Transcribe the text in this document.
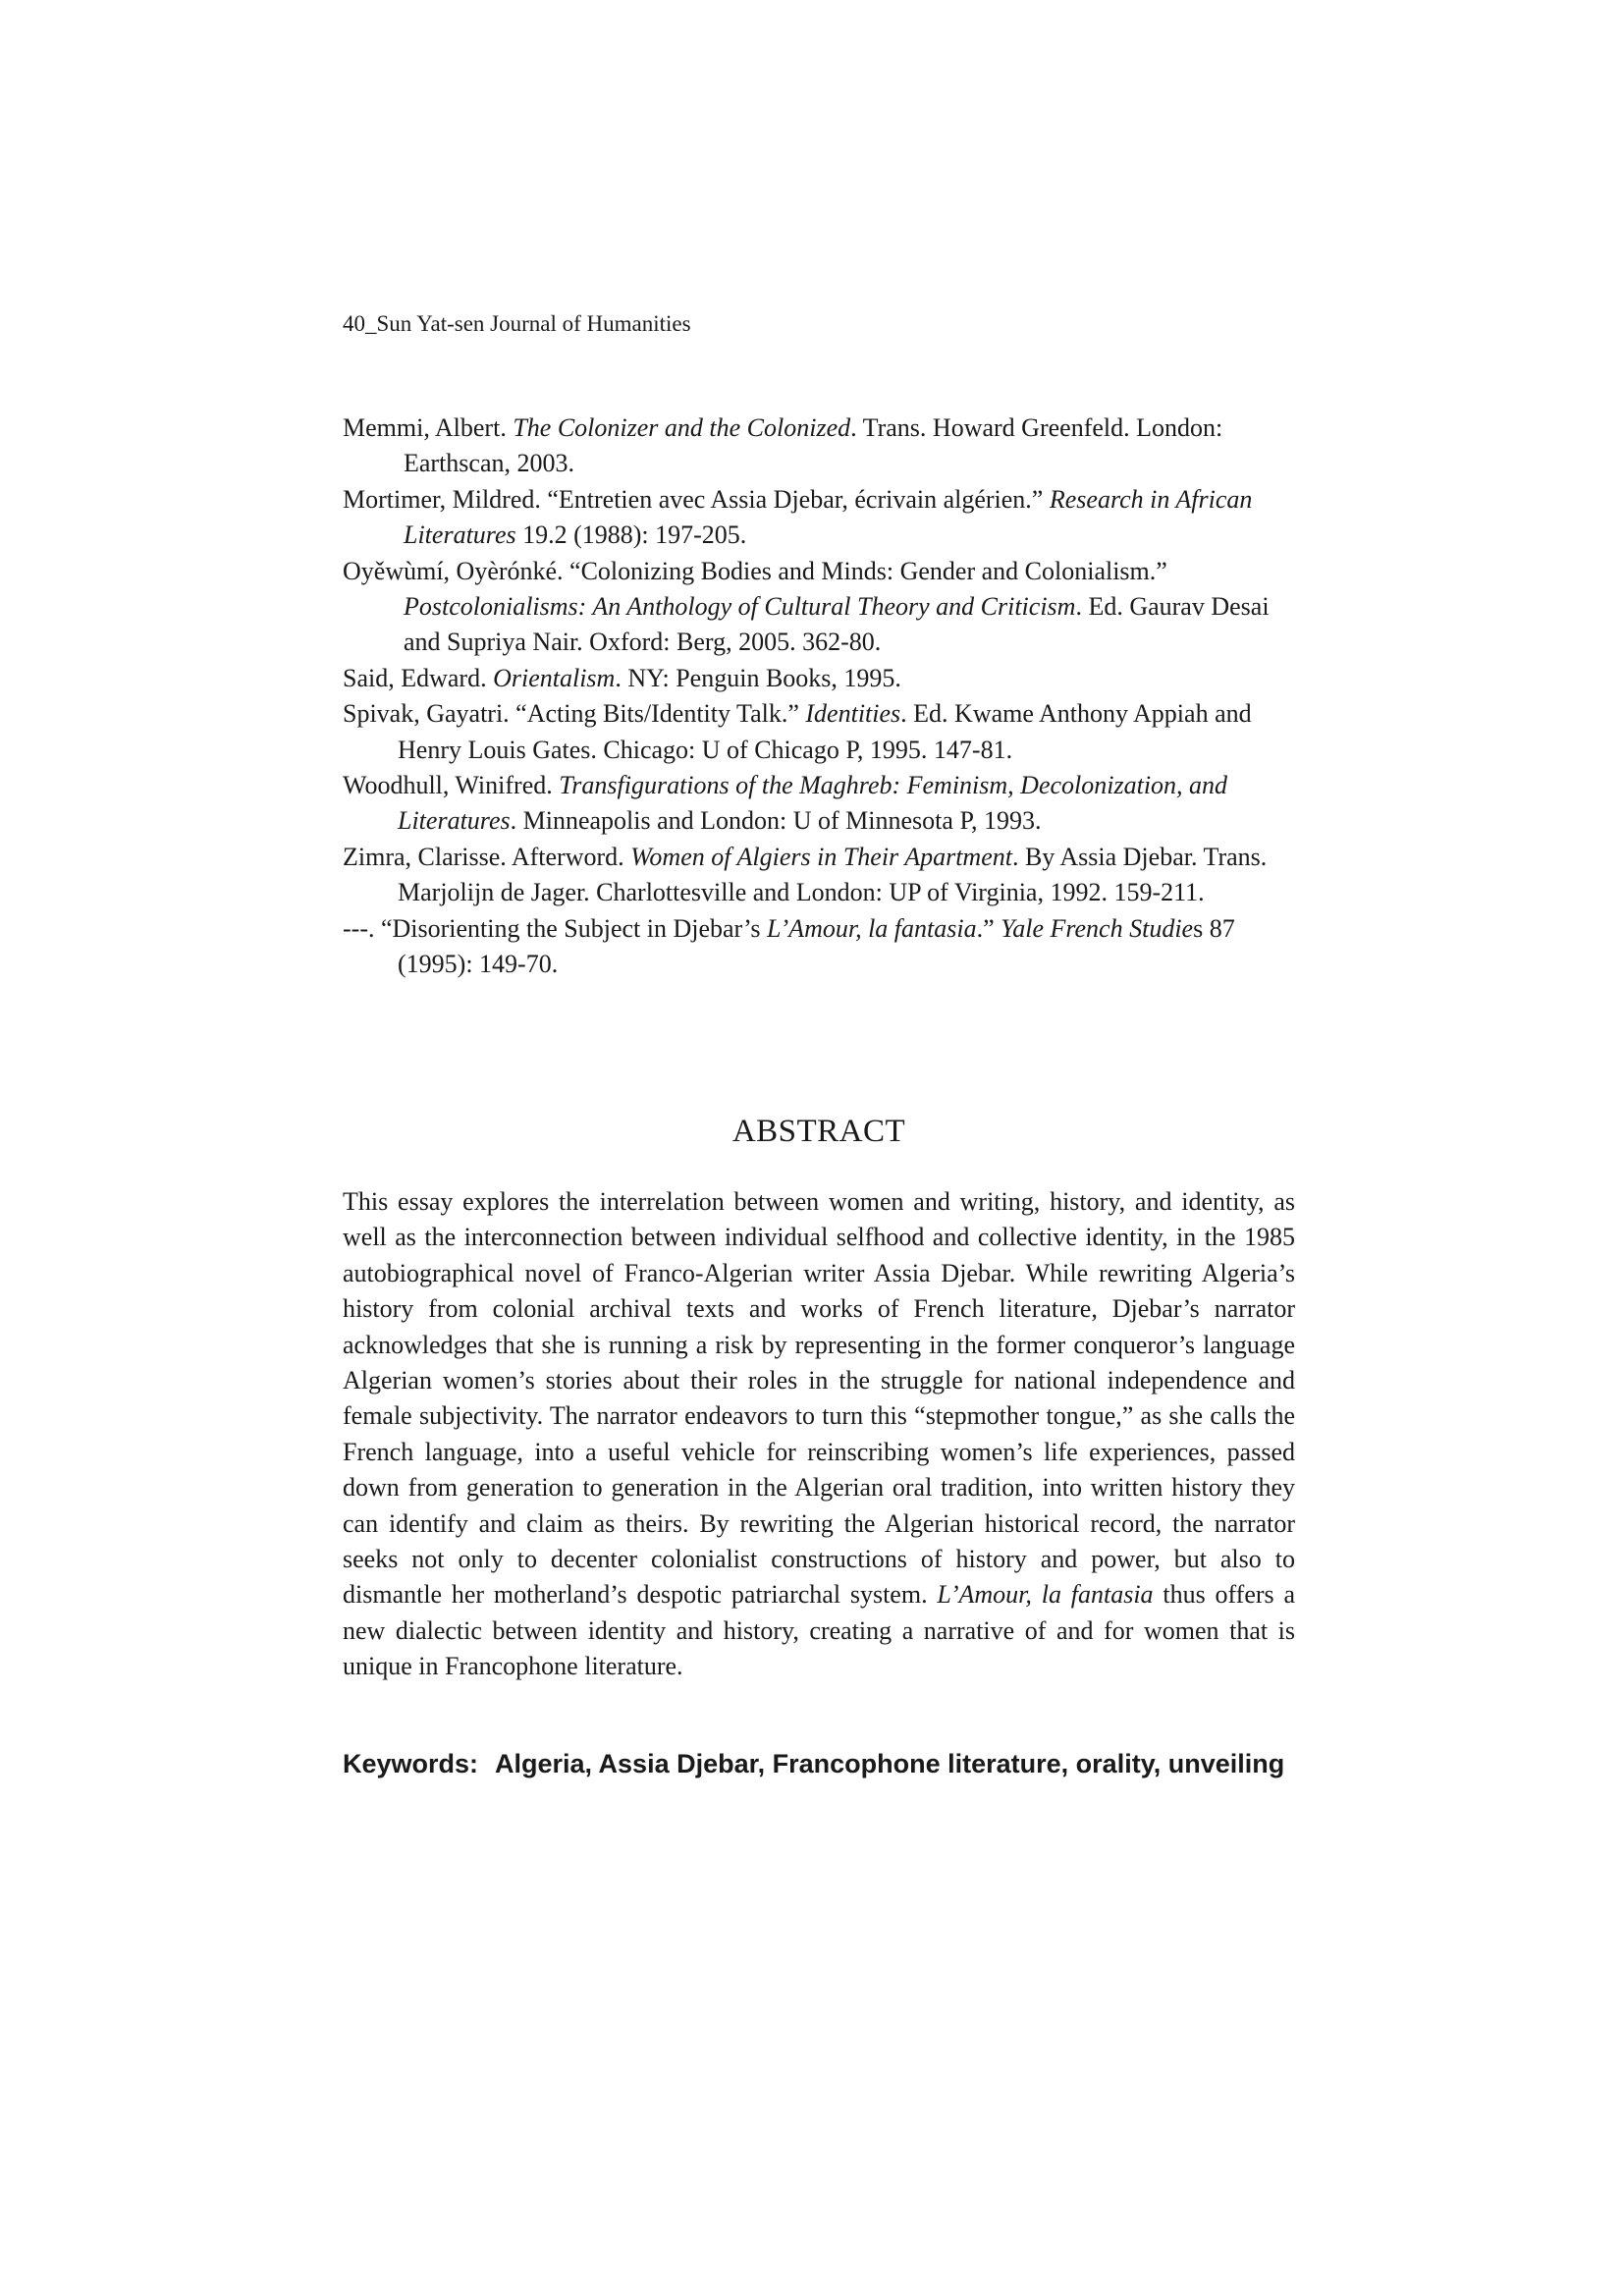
40_Sun Yat-sen Journal of Humanities
Memmi, Albert. The Colonizer and the Colonized. Trans. Howard Greenfeld. London: Earthscan, 2003.
Mortimer, Mildred. “Entretien avec Assia Djebar, écrivain algérien.” Research in African Literatures 19.2 (1988): 197-205.
Oyěwùmí, Oyèrónké. “Colonizing Bodies and Minds: Gender and Colonialism.” Postcolonialisms: An Anthology of Cultural Theory and Criticism. Ed. Gaurav Desai and Supriya Nair. Oxford: Berg, 2005. 362-80.
Said, Edward. Orientalism. NY: Penguin Books, 1995.
Spivak, Gayatri. “Acting Bits/Identity Talk.” Identities. Ed. Kwame Anthony Appiah and Henry Louis Gates. Chicago: U of Chicago P, 1995. 147-81.
Woodhull, Winifred. Transfigurations of the Maghreb: Feminism, Decolonization, and Literatures. Minneapolis and London: U of Minnesota P, 1993.
Zimra, Clarisse. Afterword. Women of Algiers in Their Apartment. By Assia Djebar. Trans. Marjolijn de Jager. Charlottesville and London: UP of Virginia, 1992. 159-211.
---. “Disorienting the Subject in Djebar’s L’Amour, la fantasia.” Yale French Studies 87 (1995): 149-70.
ABSTRACT

This essay explores the interrelation between women and writing, history, and identity, as well as the interconnection between individual selfhood and collective identity, in the 1985 autobiographical novel of Franco-Algerian writer Assia Djebar. While rewriting Algeria’s history from colonial archival texts and works of French literature, Djebar’s narrator acknowledges that she is running a risk by representing in the former conqueror’s language Algerian women’s stories about their roles in the struggle for national independence and female subjectivity. The narrator endeavors to turn this “stepmother tongue,” as she calls the French language, into a useful vehicle for reinscribing women’s life experiences, passed down from generation to generation in the Algerian oral tradition, into written history they can identify and claim as theirs. By rewriting the Algerian historical record, the narrator seeks not only to decenter colonialist constructions of history and power, but also to dismantle her motherland’s despotic patriarchal system. L’Amour, la fantasia thus offers a new dialectic between identity and history, creating a narrative of and for women that is unique in Francophone literature.

Keywords: Algeria, Assia Djebar, Francophone literature, orality, unveiling
